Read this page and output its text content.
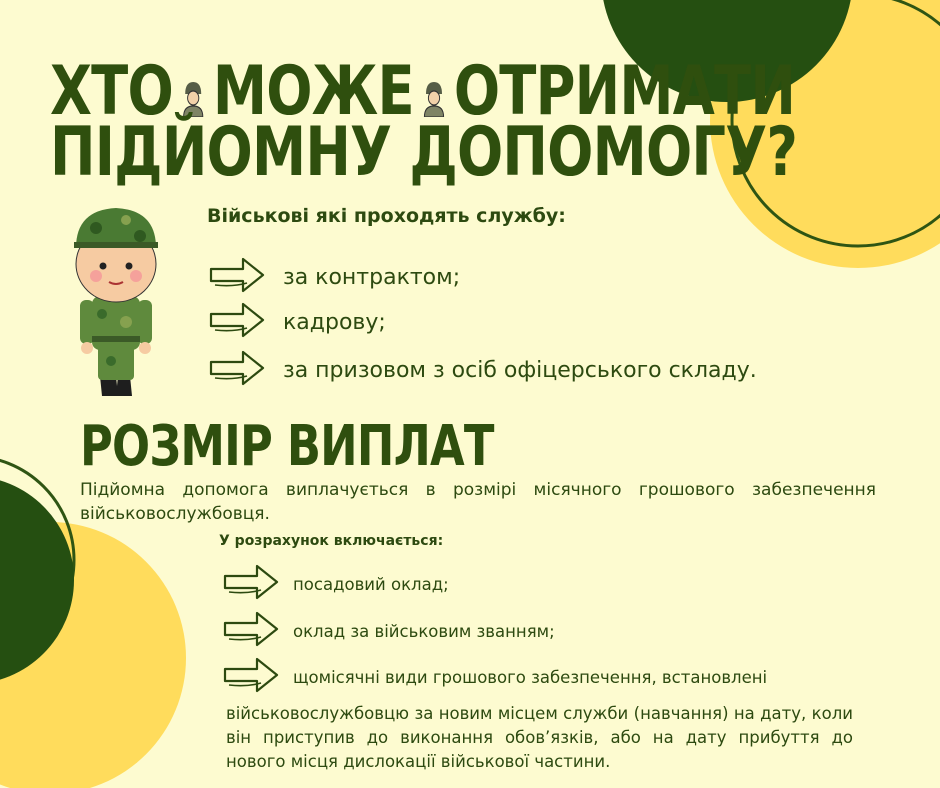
ХТО МОЖЕ ОТРИМАТИ
ПІДЙОМНУ ДОПОМОГУ?
Військові які проходять службу:
за контрактом;
кадрову;
за призовом з осіб офіцерського складу.
РОЗМІР ВИПЛАТ

Підйомна допомога виплачується в розмірі місячного грошового забезпечення військовослужбовця.

У розрахунок включається:
посадовий оклад;
оклад за військовим званням;
щомісячні види грошового забезпечення, встановлені

військовослужбовцю за новим місцем служби (навчання) на дату, коли він приступив до виконання обов’язків, або на дату прибуття до нового місця дислокації військової частини.
